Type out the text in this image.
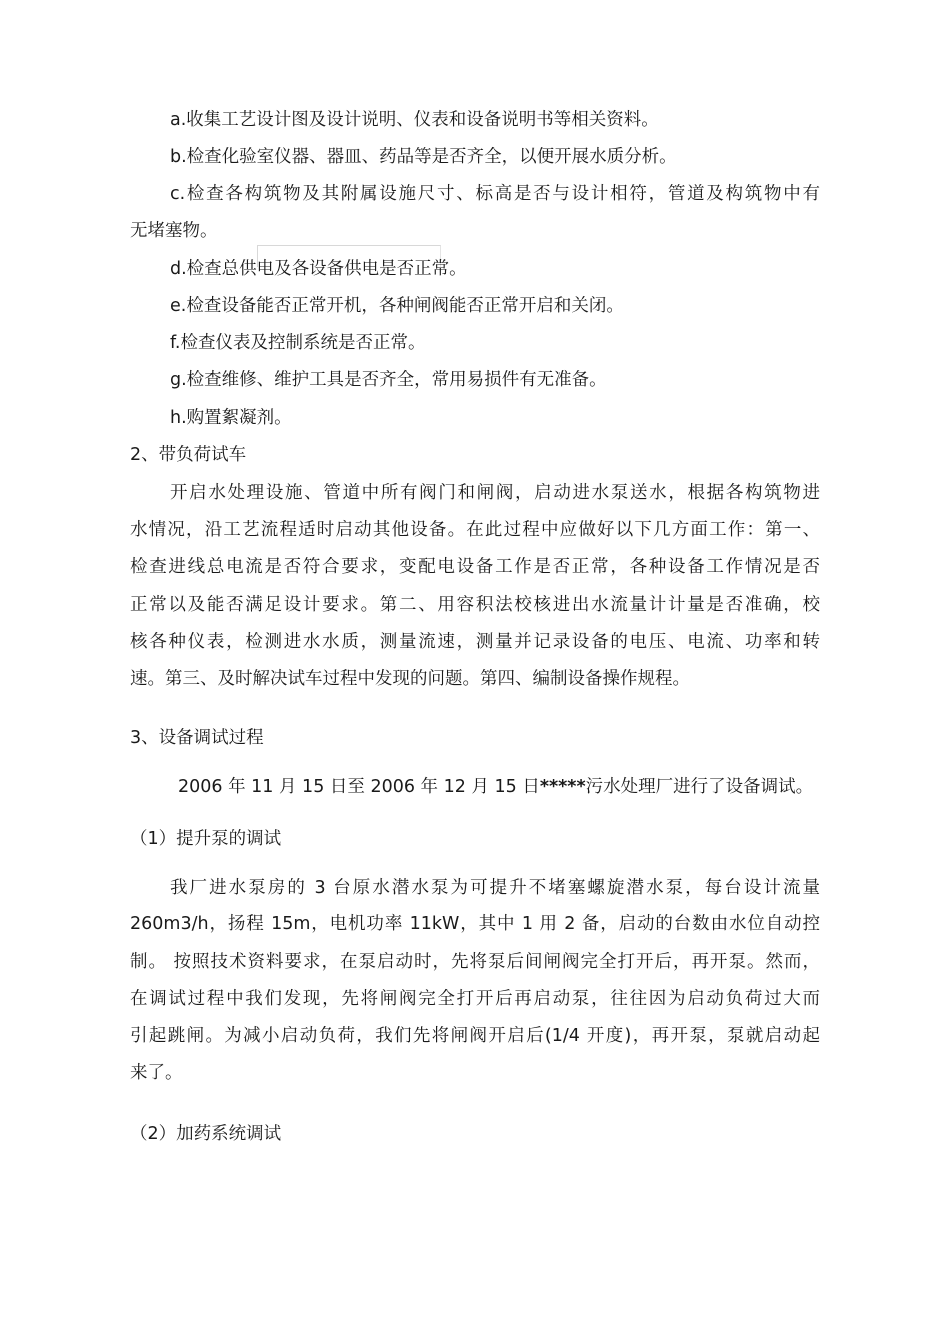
a.收集工艺设计图及设计说明、仪表和设备说明书等相关资料。
b.检查化验室仪器、器皿、药品等是否齐全，以便开展水质分析。
c.检查各构筑物及其附属设施尺寸、标高是否与设计相符，管道及构筑物中有
无堵塞物。
d.检查总供电及各设备供电是否正常。
e.检查设备能否正常开机，各种闸阀能否正常开启和关闭。
f.检查仪表及控制系统是否正常。
g.检查维修、维护工具是否齐全，常用易损件有无准备。
h.购置絮凝剂。
2、带负荷试车
开启水处理设施、管道中所有阀门和闸阀，启动进水泵送水，根据各构筑物进
水情况，沿工艺流程适时启动其他设备。在此过程中应做好以下几方面工作：第一、
检查进线总电流是否符合要求，变配电设备工作是否正常，各种设备工作情况是否
正常以及能否满足设计要求。第二、用容积法校核进出水流量计计量是否准确，校
核各种仪表，检测进水水质，测量流速，测量并记录设备的电压、电流、功率和转
速。第三、及时解决试车过程中发现的问题。第四、编制设备操作规程。
3、设备调试过程
2006 年 11 月 15 日至 2006 年 12 月 15 日*****污水处理厂进行了设备调试。
（1）提升泵的调试
我厂进水泵房的 3 台原水潜水泵为可提升不堵塞螺旋潜水泵，每台设计流量
260m3/h，扬程 15m，电机功率 11kW，其中 1 用 2 备，启动的台数由水位自动控
制。 按照技术资料要求，在泵启动时，先将泵后间闸阀完全打开后，再开泵。然而，
在调试过程中我们发现，先将闸阀完全打开后再启动泵，往往因为启动负荷过大而
引起跳闸。为减小启动负荷，我们先将闸阀开启后(1/4 开度)，再开泵，泵就启动起
来了。
（2）加药系统调试
